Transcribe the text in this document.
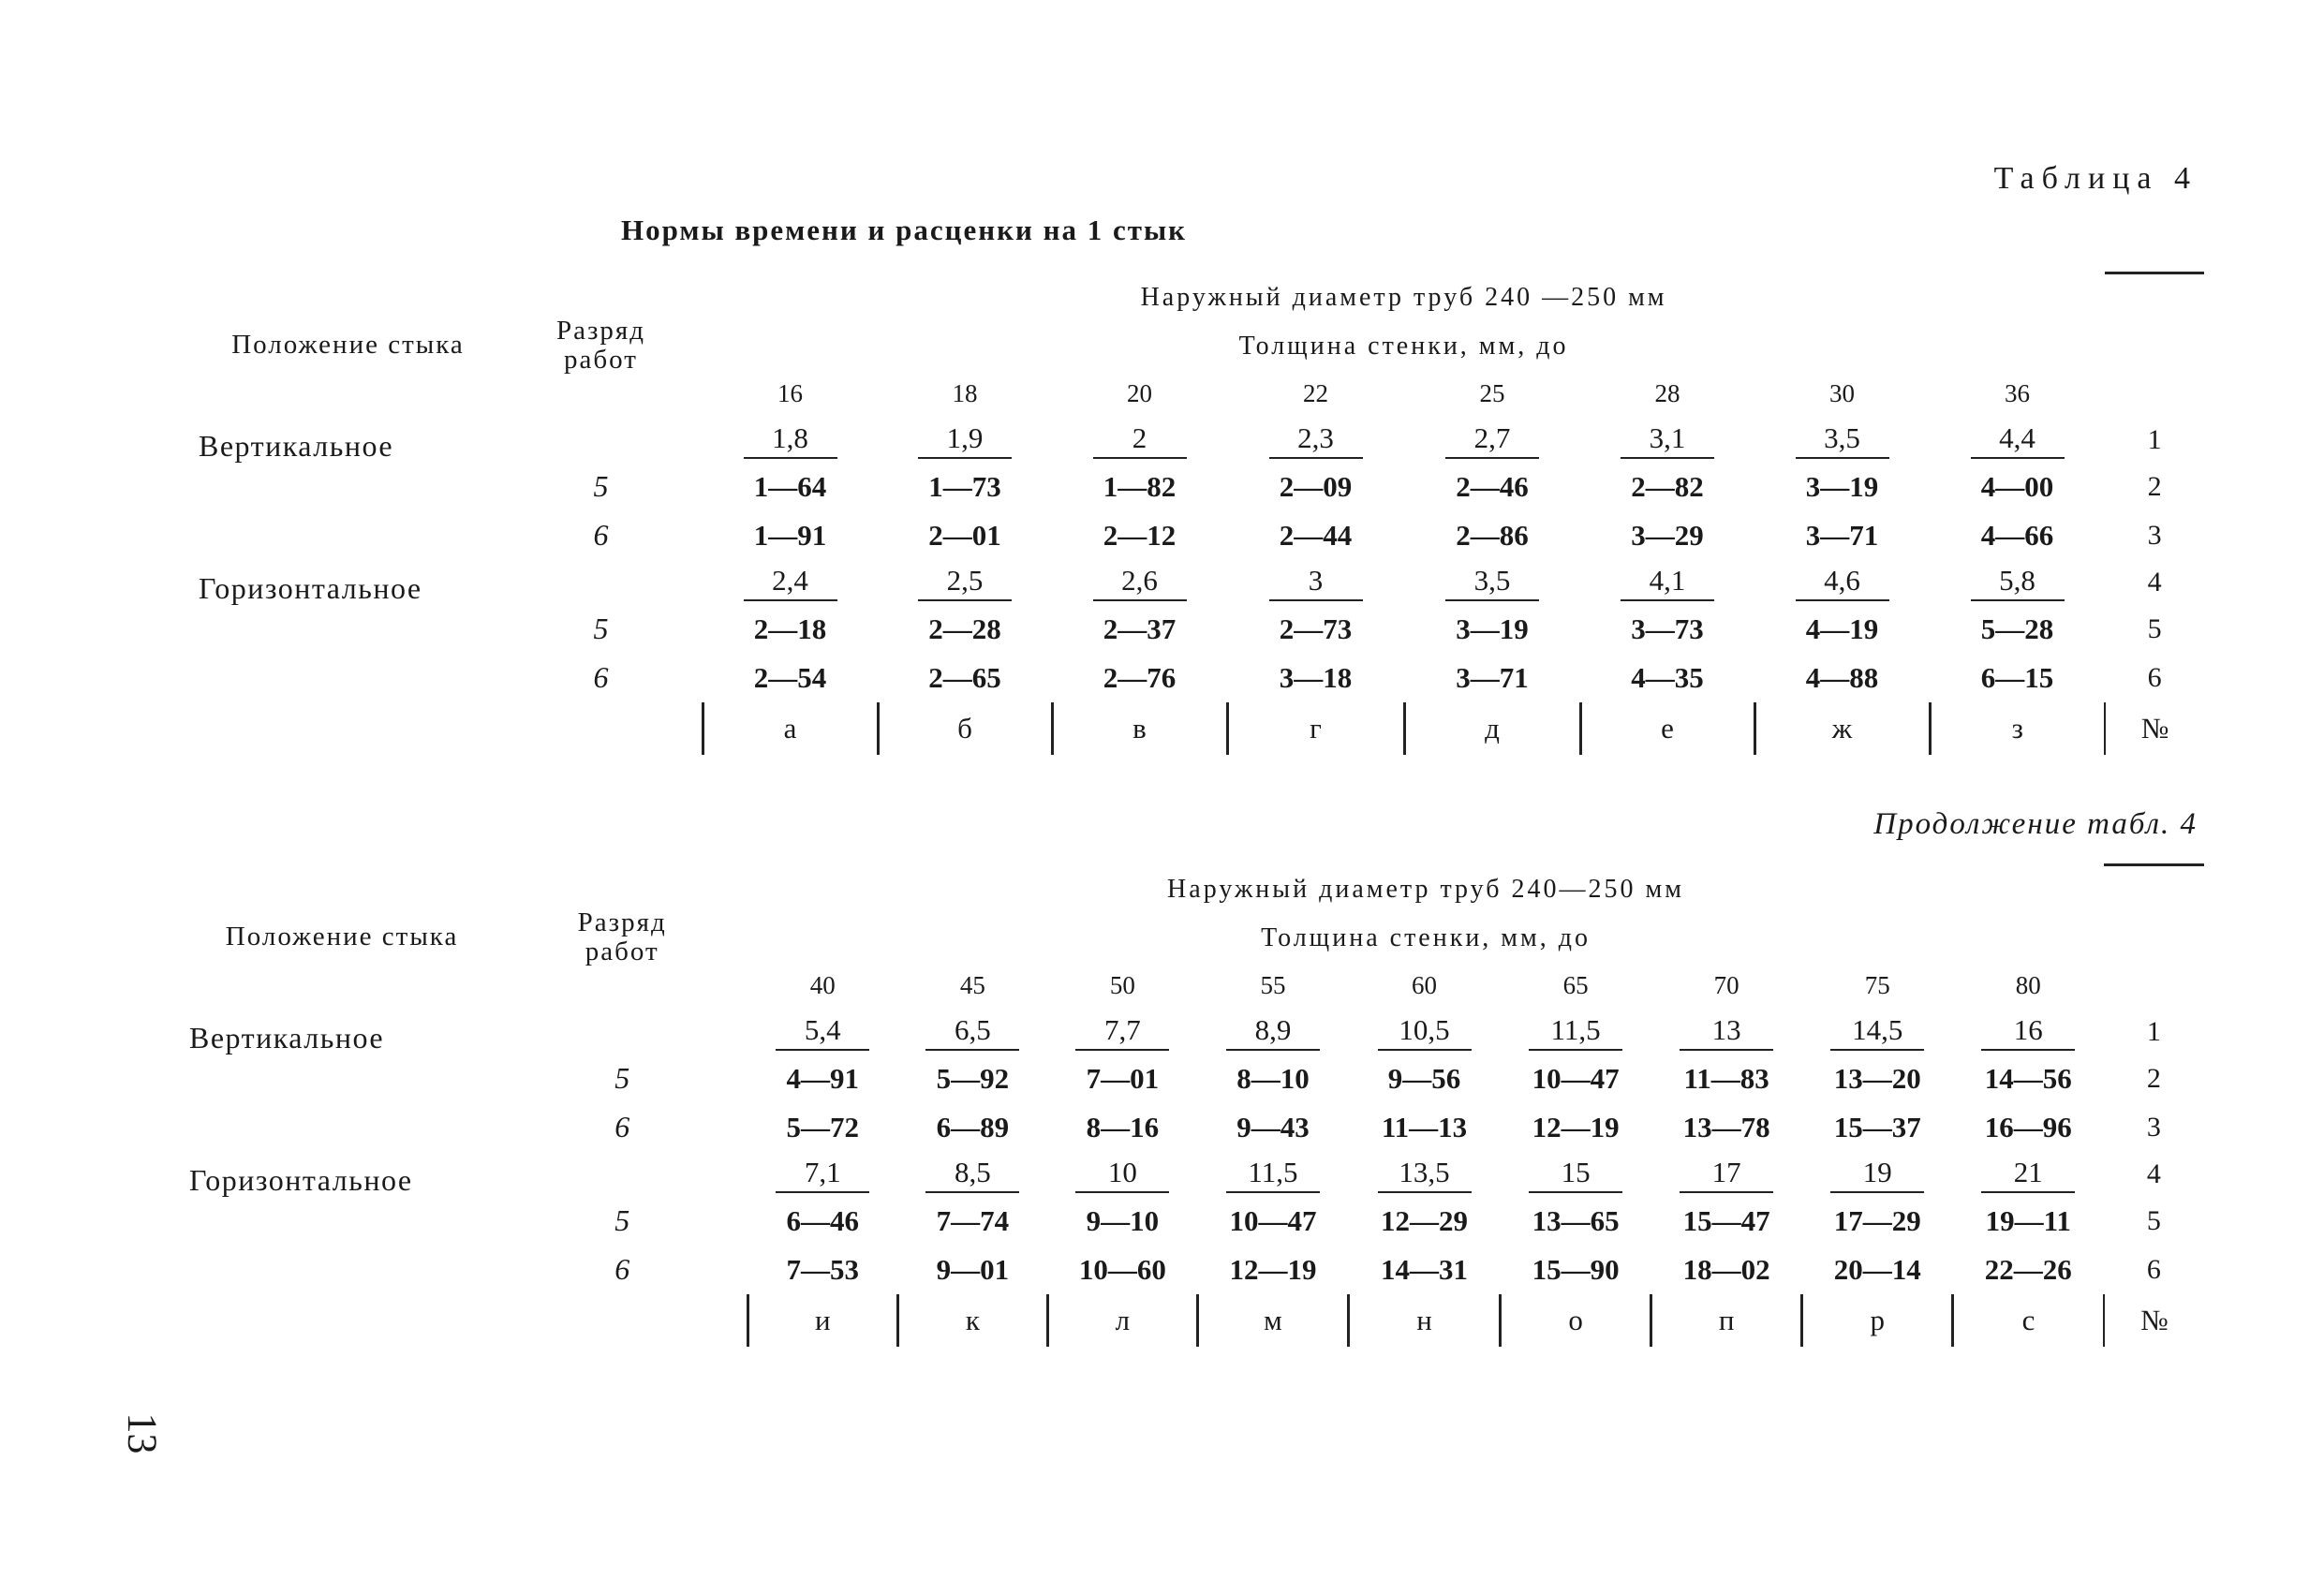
Таблица 4
Нормы времени и расценки на 1 стык
Положение стыка	Разряд
работ	Наружный диаметр труб 240 —250 мм								
		Толщина стенки, мм, до								
		16	18	20	22	25	28	30	36	
Вертикальное		1,8	1,9	2	2,3	2,7	3,1	3,5	4,4	1
	5	1—64	1—73	1—82	2—09	2—46	2—82	3—19	4—00	2
	6	1—91	2—01	2—12	2—44	2—86	3—29	3—71	4—66	3
Горизонтальное		2,4	2,5	2,6	3	3,5	4,1	4,6	5,8	4
	5	2—18	2—28	2—37	2—73	3—19	3—73	4—19	5—28	5
	6	2—54	2—65	2—76	3—18	3—71	4—35	4—88	6—15	6
		а	б	в	г	д	е	ж	з	№
Продолжение табл. 4
Положение стыка	Разряд
работ	Наружный диаметр труб 240—250 мм									
		Толщина стенки, мм, до									
		40	45	50	55	60	65	70	75	80	
Вертикальное		5,4	6,5	7,7	8,9	10,5	11,5	13	14,5	16	1
	5	4—91	5—92	7—01	8—10	9—56	10—47	11—83	13—20	14—56	2
	6	5—72	6—89	8—16	9—43	11—13	12—19	13—78	15—37	16—96	3
Горизонтальное		7,1	8,5	10	11,5	13,5	15	17	19	21	4
	5	6—46	7—74	9—10	10—47	12—29	13—65	15—47	17—29	19—11	5
	6	7—53	9—01	10—60	12—19	14—31	15—90	18—02	20—14	22—26	6
		и	к	л	м	н	о	п	р	с	№
13
